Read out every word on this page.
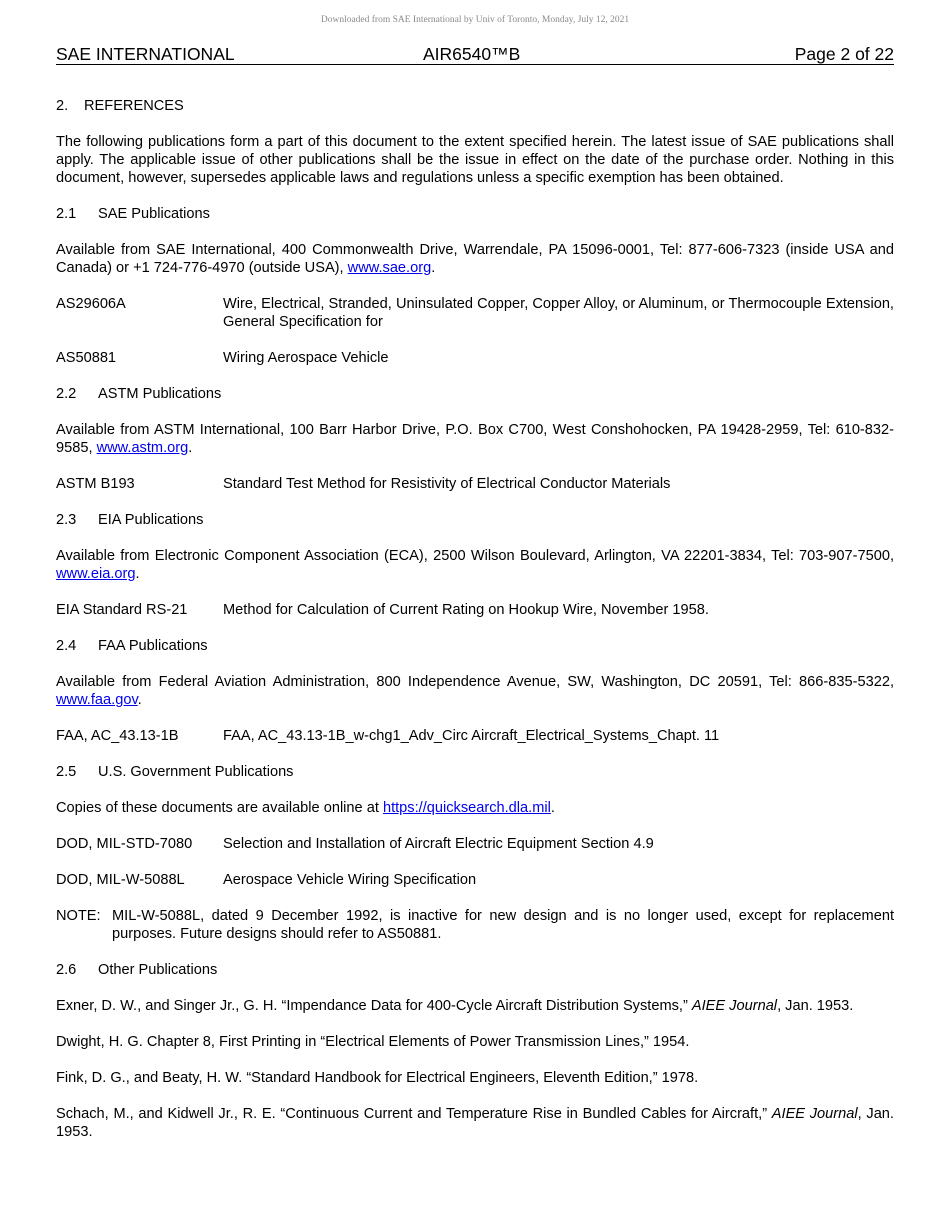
Downloaded from SAE International by Univ of Toronto, Monday, July 12, 2021
SAE INTERNATIONAL	AIR6540™B	Page 2 of 22
2. REFERENCES

The following publications form a part of this document to the extent specified herein. The latest issue of SAE publications shall apply. The applicable issue of other publications shall be the issue in effect on the date of the purchase order. Nothing in this document, however, supersedes applicable laws and regulations unless a specific exemption has been obtained.

2.1 SAE Publications

Available from SAE International, 400 Commonwealth Drive, Warrendale, PA 15096-0001, Tel: 877-606-7323 (inside USA and Canada) or +1 724-776-4970 (outside USA), www.sae.org.

AS29606A	Wire, Electrical, Stranded, Uninsulated Copper, Copper Alloy, or Aluminum, or Thermocouple Extension, General Specification for
AS50881	Wiring Aerospace Vehicle
2.2 ASTM Publications

Available from ASTM International, 100 Barr Harbor Drive, P.O. Box C700, West Conshohocken, PA 19428-2959, Tel: 610-832-9585, www.astm.org.

ASTM B193	Standard Test Method for Resistivity of Electrical Conductor Materials
2.3 EIA Publications

Available from Electronic Component Association (ECA), 2500 Wilson Boulevard, Arlington, VA 22201-3834, Tel: 703-907-7500, www.eia.org.

EIA Standard RS-21	Method for Calculation of Current Rating on Hookup Wire, November 1958.
2.4 FAA Publications

Available from Federal Aviation Administration, 800 Independence Avenue, SW, Washington, DC 20591, Tel: 866-835-5322, www.faa.gov.

FAA, AC_43.13-1B	FAA, AC_43.13-1B_w-chg1_Adv_Circ Aircraft_Electrical_Systems_Chapt. 11
2.5 U.S. Government Publications

Copies of these documents are available online at https://quicksearch.dla.mil.

DOD, MIL-STD-7080	Selection and Installation of Aircraft Electric Equipment Section 4.9
DOD, MIL-W-5088L	Aerospace Vehicle Wiring Specification
NOTE: MIL-W-5088L, dated 9 December 1992, is inactive for new design and is no longer used, except for replacement purposes. Future designs should refer to AS50881.
2.6 Other Publications

Exner, D. W., and Singer Jr., G. H. “Impendance Data for 400-Cycle Aircraft Distribution Systems,” AIEE Journal, Jan. 1953.

Dwight, H. G. Chapter 8, First Printing in “Electrical Elements of Power Transmission Lines,” 1954.

Fink, D. G., and Beaty, H. W. “Standard Handbook for Electrical Engineers, Eleventh Edition,” 1978.

Schach, M., and Kidwell Jr., R. E. “Continuous Current and Temperature Rise in Bundled Cables for Aircraft,” AIEE Journal, Jan. 1953.
